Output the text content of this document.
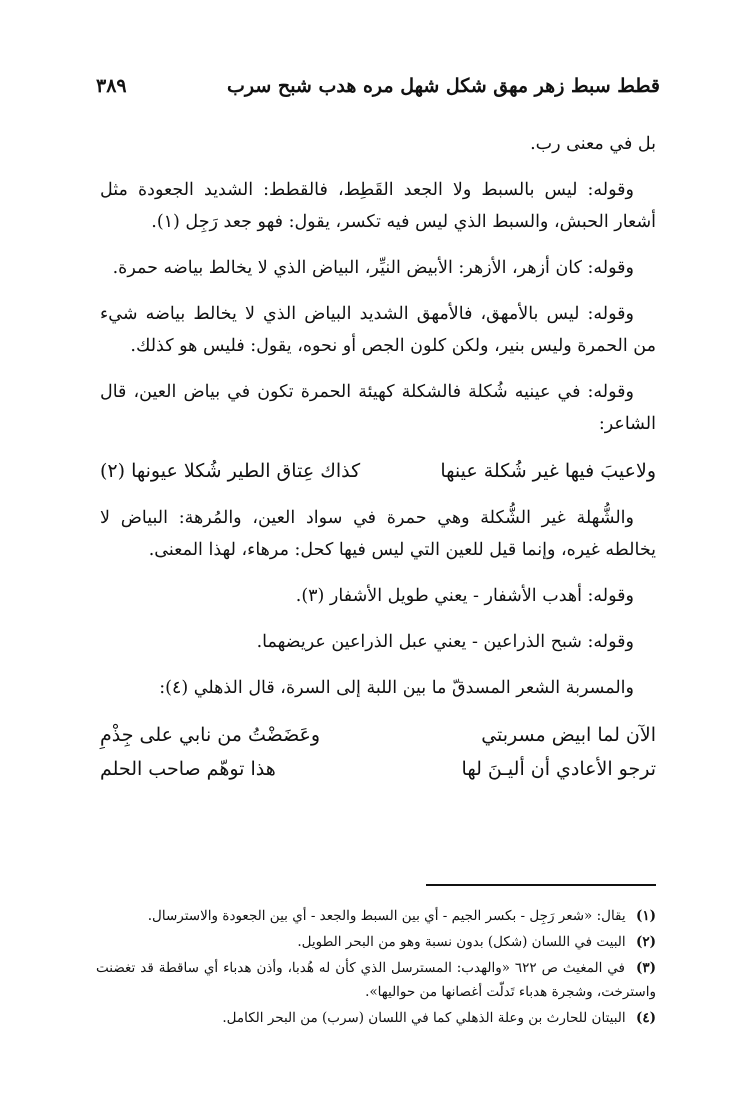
قطط سبط زهر مهق شكل شهل مره هدب شبح سرب
٣٨٩

بل في معنى رب.

وقوله: ليس بالسبط ولا الجعد القَطِط، فالقطط: الشديد الجعودة مثل أشعار الحبش، والسبط الذي ليس فيه تكسر، يقول: فهو جعد رَجِل (١).

وقوله: كان أزهر، الأزهر: الأبيض النيِّر، البياض الذي لا يخالط بياضه حمرة.

وقوله: ليس بالأمهق، فالأمهق الشديد البياض الذي لا يخالط بياضه شيء من الحمرة وليس بنير، ولكن كلون الجص أو نحوه، يقول: فليس هو كذلك.

وقوله: في عينيه شُكلة فالشكلة كهيئة الحمرة تكون في بياض العين، قال الشاعر:

ولاعيبَ فيها غير شُكلة عينها
كذاك عِتاق الطير شُكلا عيونها (٢)

والشُّهلة غير الشُّكلة وهي حمرة في سواد العين، والمُرهة: البياض لا يخالطه غيره، وإنما قيل للعين التي ليس فيها كحل: مرهاء، لهذا المعنى.

وقوله: أهدب الأشفار - يعني طويل الأشفار (٣).

وقوله: شبح الذراعين - يعني عبل الذراعين عريضهما.

والمسربة الشعر المسدقّ ما بين اللبة إلى السرة، قال الذهلي (٤):

الآن لما ابيض مسربتي
وعَضَضْتُ من نابي على جِذْمِ
ترجو الأعادي أن أليـنَ لها
هذا توهّم صاحب الحلم
(١) يقال: «شعر رَجِل - بكسر الجيم - أي بين السبط والجعد - أي بين الجعودة والاسترسال.
(٢) البيت في اللسان (شكل) بدون نسبة وهو من البحر الطويل.
(٣) في المغيث ص ٦٢٢ «والهدب: المسترسل الذي كأن له هُدبا، وأذن هدباء أي ساقطة قد تغضنت واسترخت، وشجرة هدباء تَدلّت أغصانها من حواليها».
(٤) البيتان للحارث بن وعلة الذهلي كما في اللسان (سرب) من البحر الكامل.
